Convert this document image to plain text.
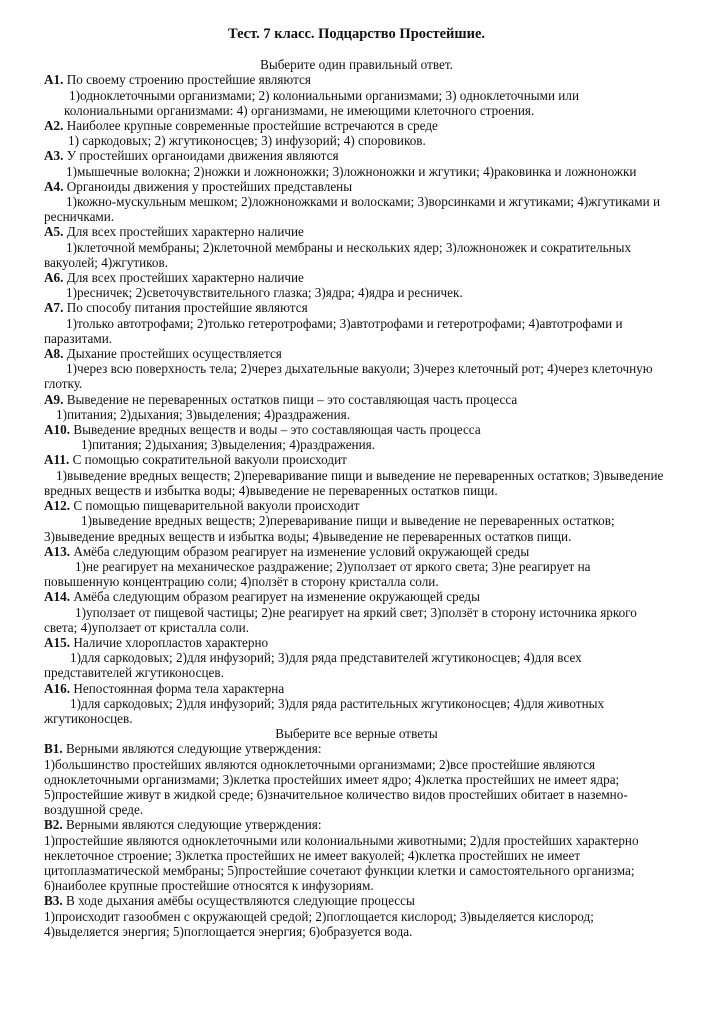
Тест. 7 класс. Подцарство Простейшие.

Выберите один правильный ответ.

А1. По своему строению простейшие являются

1)одноклеточными организмами; 2) колониальными организмами; 3) одноклеточными или колониальными организмами: 4) организмами, не имеющими клеточного строения.

А2. Наиболее крупные современные простейшие встречаются в среде

1) саркодовых; 2) жгутиконосцев; 3) инфузорий; 4) споровиков.

А3. У простейших органоидами движения являются

1)мышечные волокна; 2)ножки и ложноножки; 3)ложноножки и жгутики; 4)раковинка и ложноножки

А4. Органоиды движения у простейших представлены

1)кожно-мускульным мешком; 2)ложноножками и волосками; 3)ворсинками и жгутиками; 4)жгутиками и ресничками.

А5. Для всех простейших характерно наличие

1)клеточной мембраны; 2)клеточной мембраны и нескольких ядер; 3)ложноножек и сократительных вакуолей; 4)жгутиков.

А6. Для всех простейших характерно наличие

1)ресничек; 2)светочувствительного глазка; 3)ядра; 4)ядра и ресничек.

А7. По способу питания простейшие являются

1)только автотрофами; 2)только гетеротрофами; 3)автотрофами и гетеротрофами; 4)автотрофами и паразитами.

А8. Дыхание простейших осуществляется

1)через всю поверхность тела; 2)через дыхательные вакуоли; 3)через клеточный рот; 4)через клеточную глотку.

А9. Выведение не переваренных остатков пищи – это составляющая часть процесса

1)питания; 2)дыхания; 3)выделения; 4)раздражения.

А10. Выведение вредных веществ и воды – это составляющая часть процесса

1)питания; 2)дыхания; 3)выделения; 4)раздражения.

А11. С помощью сократительной вакуоли происходит

1)выведение вредных веществ; 2)переваривание пищи и выведение не переваренных остатков; 3)выведение вредных веществ и избытка воды; 4)выведение не переваренных остатков пищи.

А12. С помощью пищеварительной вакуоли происходит

1)выведение вредных веществ; 2)переваривание пищи и выведение не переваренных остатков; 3)выведение вредных веществ и избытка воды; 4)выведение не переваренных остатков пищи.

А13. Амёба следующим образом реагирует на изменение условий окружающей среды

1)не реагирует на механическое раздражение; 2)уползает от яркого света; 3)не реагирует на повышенную концентрацию соли; 4)ползёт в сторону кристалла соли.

А14. Амёба следующим образом реагирует на изменение окружающей среды

1)уползает от пищевой частицы; 2)не реагирует на яркий свет; 3)ползёт в сторону источника яркого света; 4)уползает от кристалла соли.

А15. Наличие хлоропластов характерно

1)для саркодовых; 2)для инфузорий; 3)для ряда представителей жгутиконосцев; 4)для всех представителей жгутиконосцев.

А16. Непостоянная форма тела характерна

1)для саркодовых; 2)для инфузорий; 3)для ряда растительных жгутиконосцев; 4)для животных жгутиконосцев.

Выберите все верные ответы

В1. Верными являются следующие утверждения:

1)большинство простейших являются одноклеточными организмами; 2)все простейшие являются одноклеточными организмами; 3)клетка простейших имеет ядро; 4)клетка простейших не имеет ядра; 5)простейшие живут в жидкой среде; 6)значительное количество видов простейших обитает в наземно-воздушной среде.

В2. Верными являются следующие утверждения:

1)простейшие являются одноклеточными или колониальными животными; 2)для простейших характерно неклеточное строение; 3)клетка простейших не имеет вакуолей; 4)клетка простейших не имеет цитоплазматической мембраны; 5)простейшие сочетают функции клетки и самостоятельного организма; 6)наиболее крупные простейшие относятся к инфузориям.

В3. В ходе дыхания амёбы осуществляются следующие процессы

1)происходит газообмен с окружающей средой; 2)поглощается кислород; 3)выделяется кислород; 4)выделяется энергия; 5)поглощается энергия; 6)образуется вода.
